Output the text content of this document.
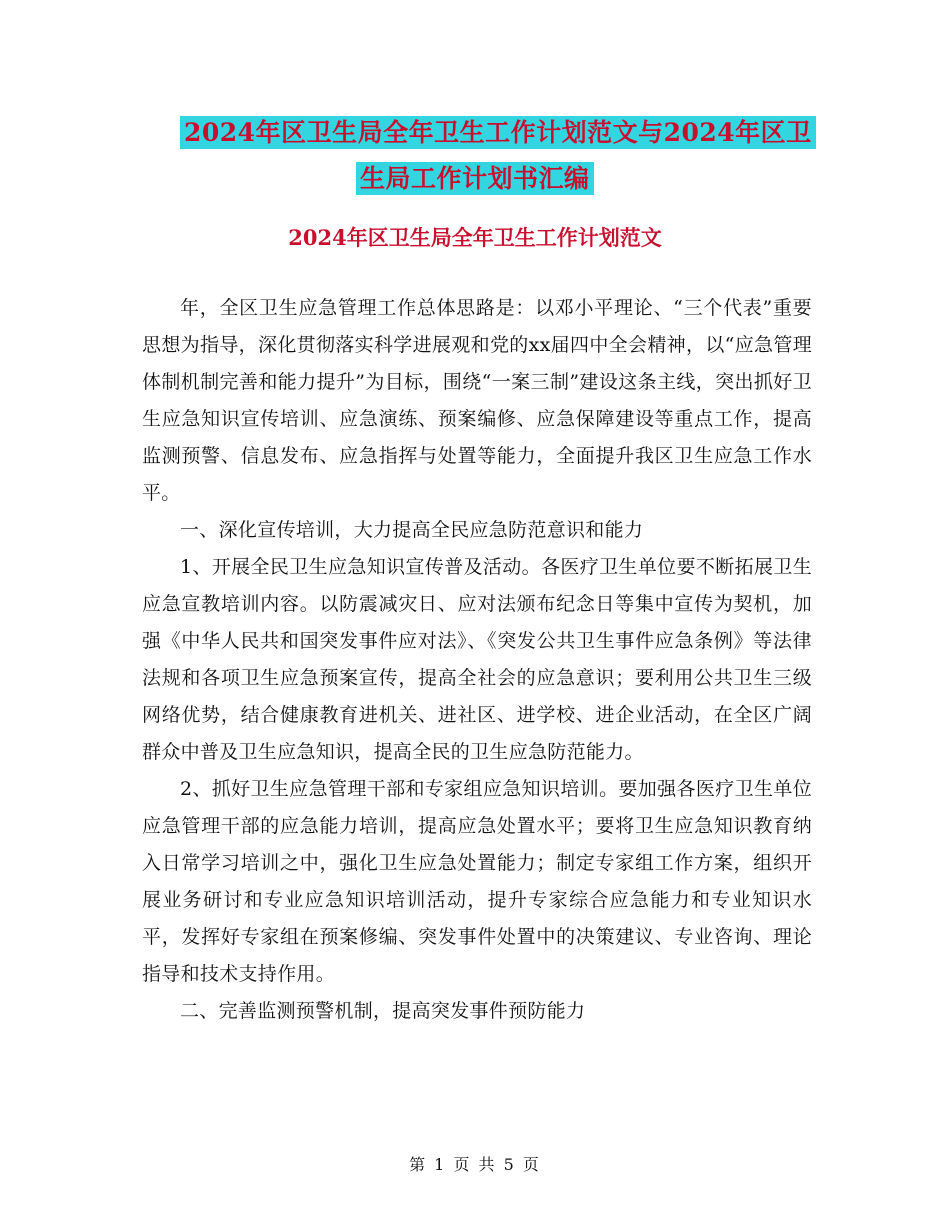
2024年区卫生局全年卫生工作计划范文与2024年区卫
生局工作计划书汇编
2024年区卫生局全年卫生工作计划范文

年，全区卫生应急管理工作总体思路是：以邓小平理论、“三个代表”重要思想为指导，深化贯彻落实科学进展观和党的xx届四中全会精神，以“应急管理体制机制完善和能力提升”为目标，围绕“一案三制”建设这条主线，突出抓好卫生应急知识宣传培训、应急演练、预案编修、应急保障建设等重点工作，提高监测预警、信息发布、应急指挥与处置等能力，全面提升我区卫生应急工作水平。

一、深化宣传培训，大力提高全民应急防范意识和能力

1、开展全民卫生应急知识宣传普及活动。各医疗卫生单位要不断拓展卫生应急宣教培训内容。以防震减灾日、应对法颁布纪念日等集中宣传为契机，加强《中华人民共和国突发事件应对法》、《突发公共卫生事件应急条例》等法律法规和各项卫生应急预案宣传，提高全社会的应急意识；要利用公共卫生三级网络优势，结合健康教育进机关、进社区、进学校、进企业活动，在全区广阔群众中普及卫生应急知识，提高全民的卫生应急防范能力。

2、抓好卫生应急管理干部和专家组应急知识培训。要加强各医疗卫生单位应急管理干部的应急能力培训，提高应急处置水平；要将卫生应急知识教育纳入日常学习培训之中，强化卫生应急处置能力；制定专家组工作方案，组织开展业务研讨和专业应急知识培训活动，提升专家综合应急能力和专业知识水平，发挥好专家组在预案修编、突发事件处置中的决策建议、专业咨询、理论指导和技术支持作用。

二、完善监测预警机制，提高突发事件预防能力

第 1 页 共 5 页
